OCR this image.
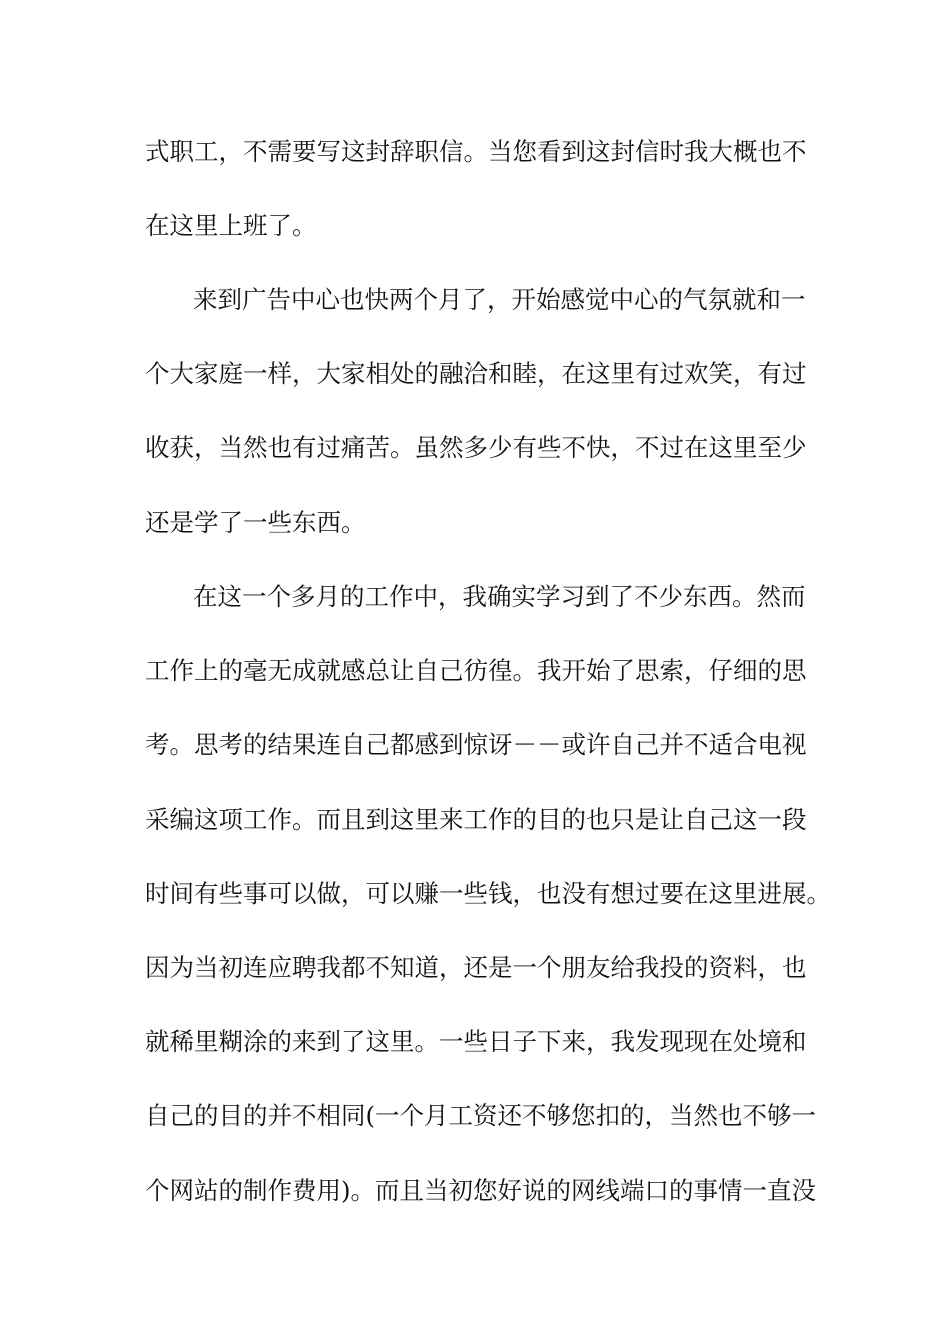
式职工，不需要写这封辞职信。当您看到这封信时我大概也不
在这里上班了。
来到广告中心也快两个月了，开始感觉中心的气氛就和一
个大家庭一样，大家相处的融洽和睦，在这里有过欢笑，有过
收获，当然也有过痛苦。虽然多少有些不快，不过在这里至少
还是学了一些东西。
在这一个多月的工作中，我确实学习到了不少东西。然而
工作上的毫无成就感总让自己彷徨。我开始了思索，仔细的思
考。思考的结果连自己都感到惊讶－－或许自己并不适合电视
采编这项工作。而且到这里来工作的目的也只是让自己这一段
时间有些事可以做，可以赚一些钱，也没有想过要在这里进展。
因为当初连应聘我都不知道，还是一个朋友给我投的资料，也
就稀里糊涂的来到了这里。一些日子下来，我发现现在处境和
自己的目的并不相同(一个月工资还不够您扣的，当然也不够一
个网站的制作费用)。而且当初您好说的网线端口的事情一直没
